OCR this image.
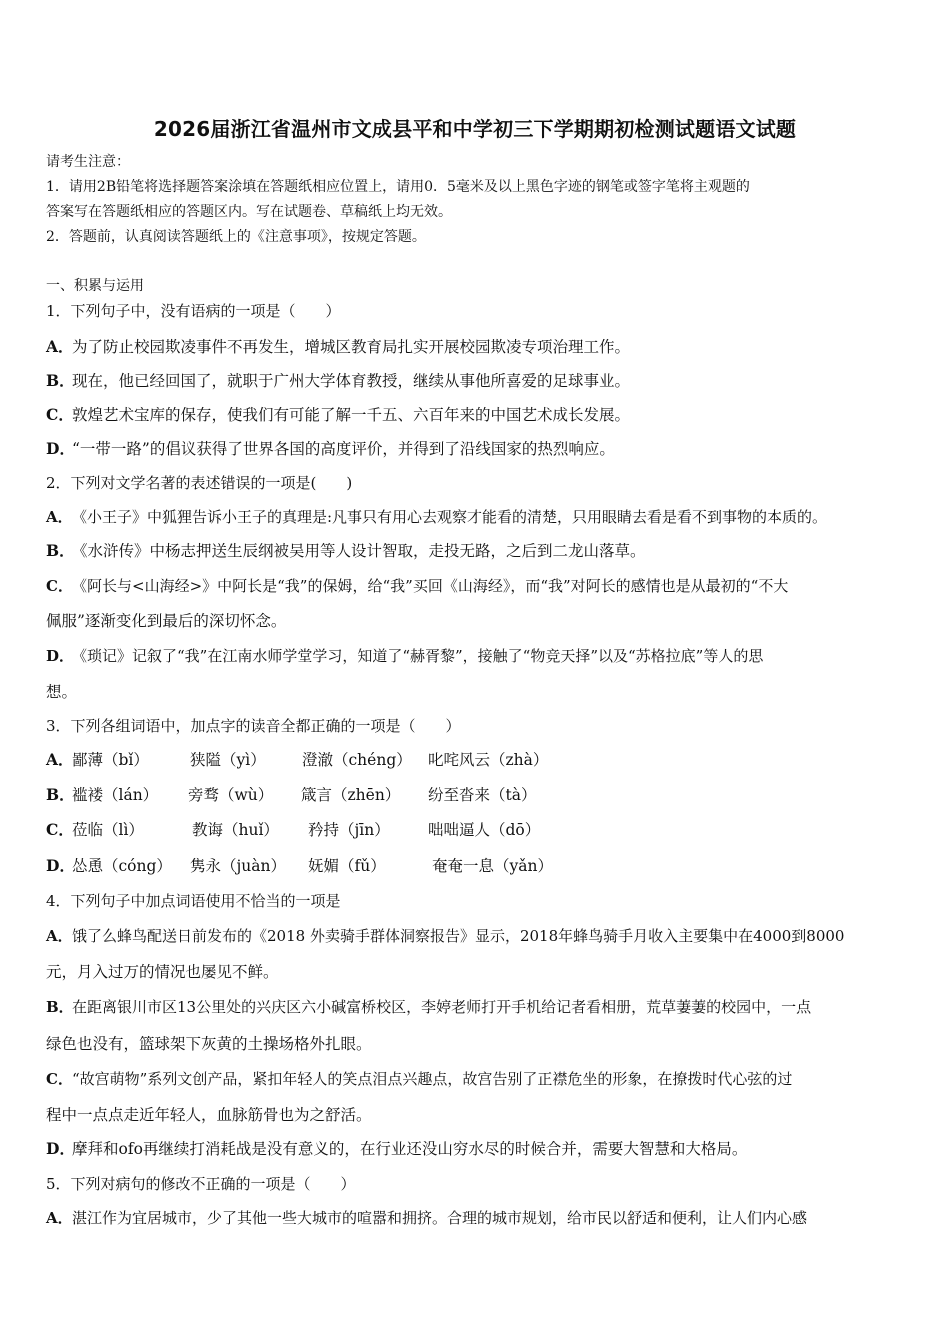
2026届浙江省温州市文成县平和中学初三下学期期初检测试题语文试题
请考生注意：
1．请用2B铅笔将选择题答案涂填在答题纸相应位置上，请用0．5毫米及以上黑色字迹的钢笔或签字笔将主观题的
答案写在答题纸相应的答题区内。写在试题卷、草稿纸上均无效。
2．答题前，认真阅读答题纸上的《注意事项》，按规定答题。
一、积累与运用
1．下列句子中，没有语病的一项是（　　）
A．为了防止校园欺凌事件不再发生，增城区教育局扎实开展校园欺凌专项治理工作。
B．现在，他已经回国了，就职于广州大学体育教授，继续从事他所喜爱的足球事业。
C．敦煌艺术宝库的保存，使我们有可能了解一千五、六百年来的中国艺术成长发展。
D．“一带一路”的倡议获得了世界各国的高度评价，并得到了沿线国家的热烈响应。
2．下列对文学名著的表述错误的一项是(　　)
A．《小王子》中狐狸告诉小王子的真理是:凡事只有用心去观察才能看的清楚，只用眼睛去看是看不到事物的本质的。
B．《水浒传》中杨志押送生辰纲被吴用等人设计智取，走投无路，之后到二龙山落草。
C．《阿长与<山海经>》中阿长是“我”的保姆，给“我”买回《山海经》，而“我”对阿长的感情也是从最初的“不大
佩服”逐渐变化到最后的深切怀念。
D．《琐记》记叙了“我”在江南水师学堂学习，知道了“赫胥黎”，接触了“物竞天择”以及“苏格拉底”等人的思
想。
3．下列各组词语中，加点字的读音全都正确的一项是（　　）
A．
鄙薄（bǐ）	狭隘（yì） 澄澈（chéng） 叱咤风云（zhà）
B．
褴褛（lán） 旁骛（wù） 箴言（zhēn） 纷至沓来（tà）
C．
莅临（lì）	教诲（huǐ） 矜持（jīn） 咄咄逼人（dō）
D．
怂恿（cóng） 隽永（juàn） 妩媚（fǔ）	奄奄一息（yǎn）
4．下列句子中加点词语使用不恰当的一项是
A．饿了么蜂鸟配送日前发布的《2018 外卖骑手群体洞察报告》显示，2018年蜂鸟骑手月收入主要集中在4000到8000
元，月入过万的情况也屡见不鲜。
B．在距离银川市区13公里处的兴庆区六小碱富桥校区，李婷老师打开手机给记者看相册，荒草萋萋的校园中，一点
绿色也没有，篮球架下灰黄的土操场格外扎眼。
C．“故宫萌物”系列文创产品，紧扣年轻人的笑点泪点兴趣点，故宫告别了正襟危坐的形象，在撩拨时代心弦的过
程中一点点走近年轻人，血脉筋骨也为之舒活。
D．摩拜和ofo再继续打消耗战是没有意义的，在行业还没山穷水尽的时候合并，需要大智慧和大格局。
5．下列对病句的修改不正确的一项是（　　）
A．湛江作为宜居城市，少了其他一些大城市的喧嚣和拥挤。合理的城市规划，给市民以舒适和便利，让人们内心感
